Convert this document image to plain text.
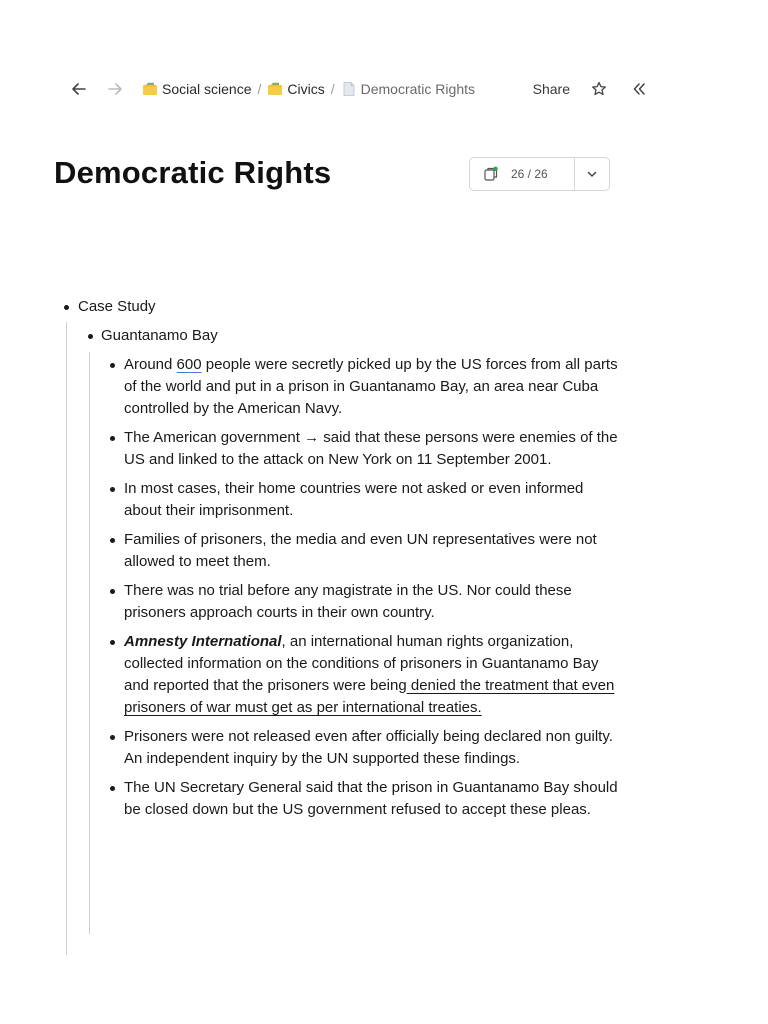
Social science / Civics / Democratic Rights	Share
Democratic Rights	26 / 26
Case Study
Guantanamo Bay
Around 600 people were secretly picked up by the US forces from all parts of the world and put in a prison in Guantanamo Bay, an area near Cuba controlled by the American Navy.
The American government → said that these persons were enemies of the US and linked to the attack on New York on 11 September 2001.
In most cases, their home countries were not asked or even informed about their imprisonment.
Families of prisoners, the media and even UN representatives were not allowed to meet them.
There was no trial before any magistrate in the US. Nor could these prisoners approach courts in their own country.
Amnesty International, an international human rights organization, collected information on the conditions of prisoners in Guantanamo Bay and reported that the prisoners were being denied the treatment that even prisoners of war must get as per international treaties.
Prisoners were not released even after officially being declared non guilty. An independent inquiry by the UN supported these findings.
The UN Secretary General said that the prison in Guantanamo Bay should be closed down but the US government refused to accept these pleas.
